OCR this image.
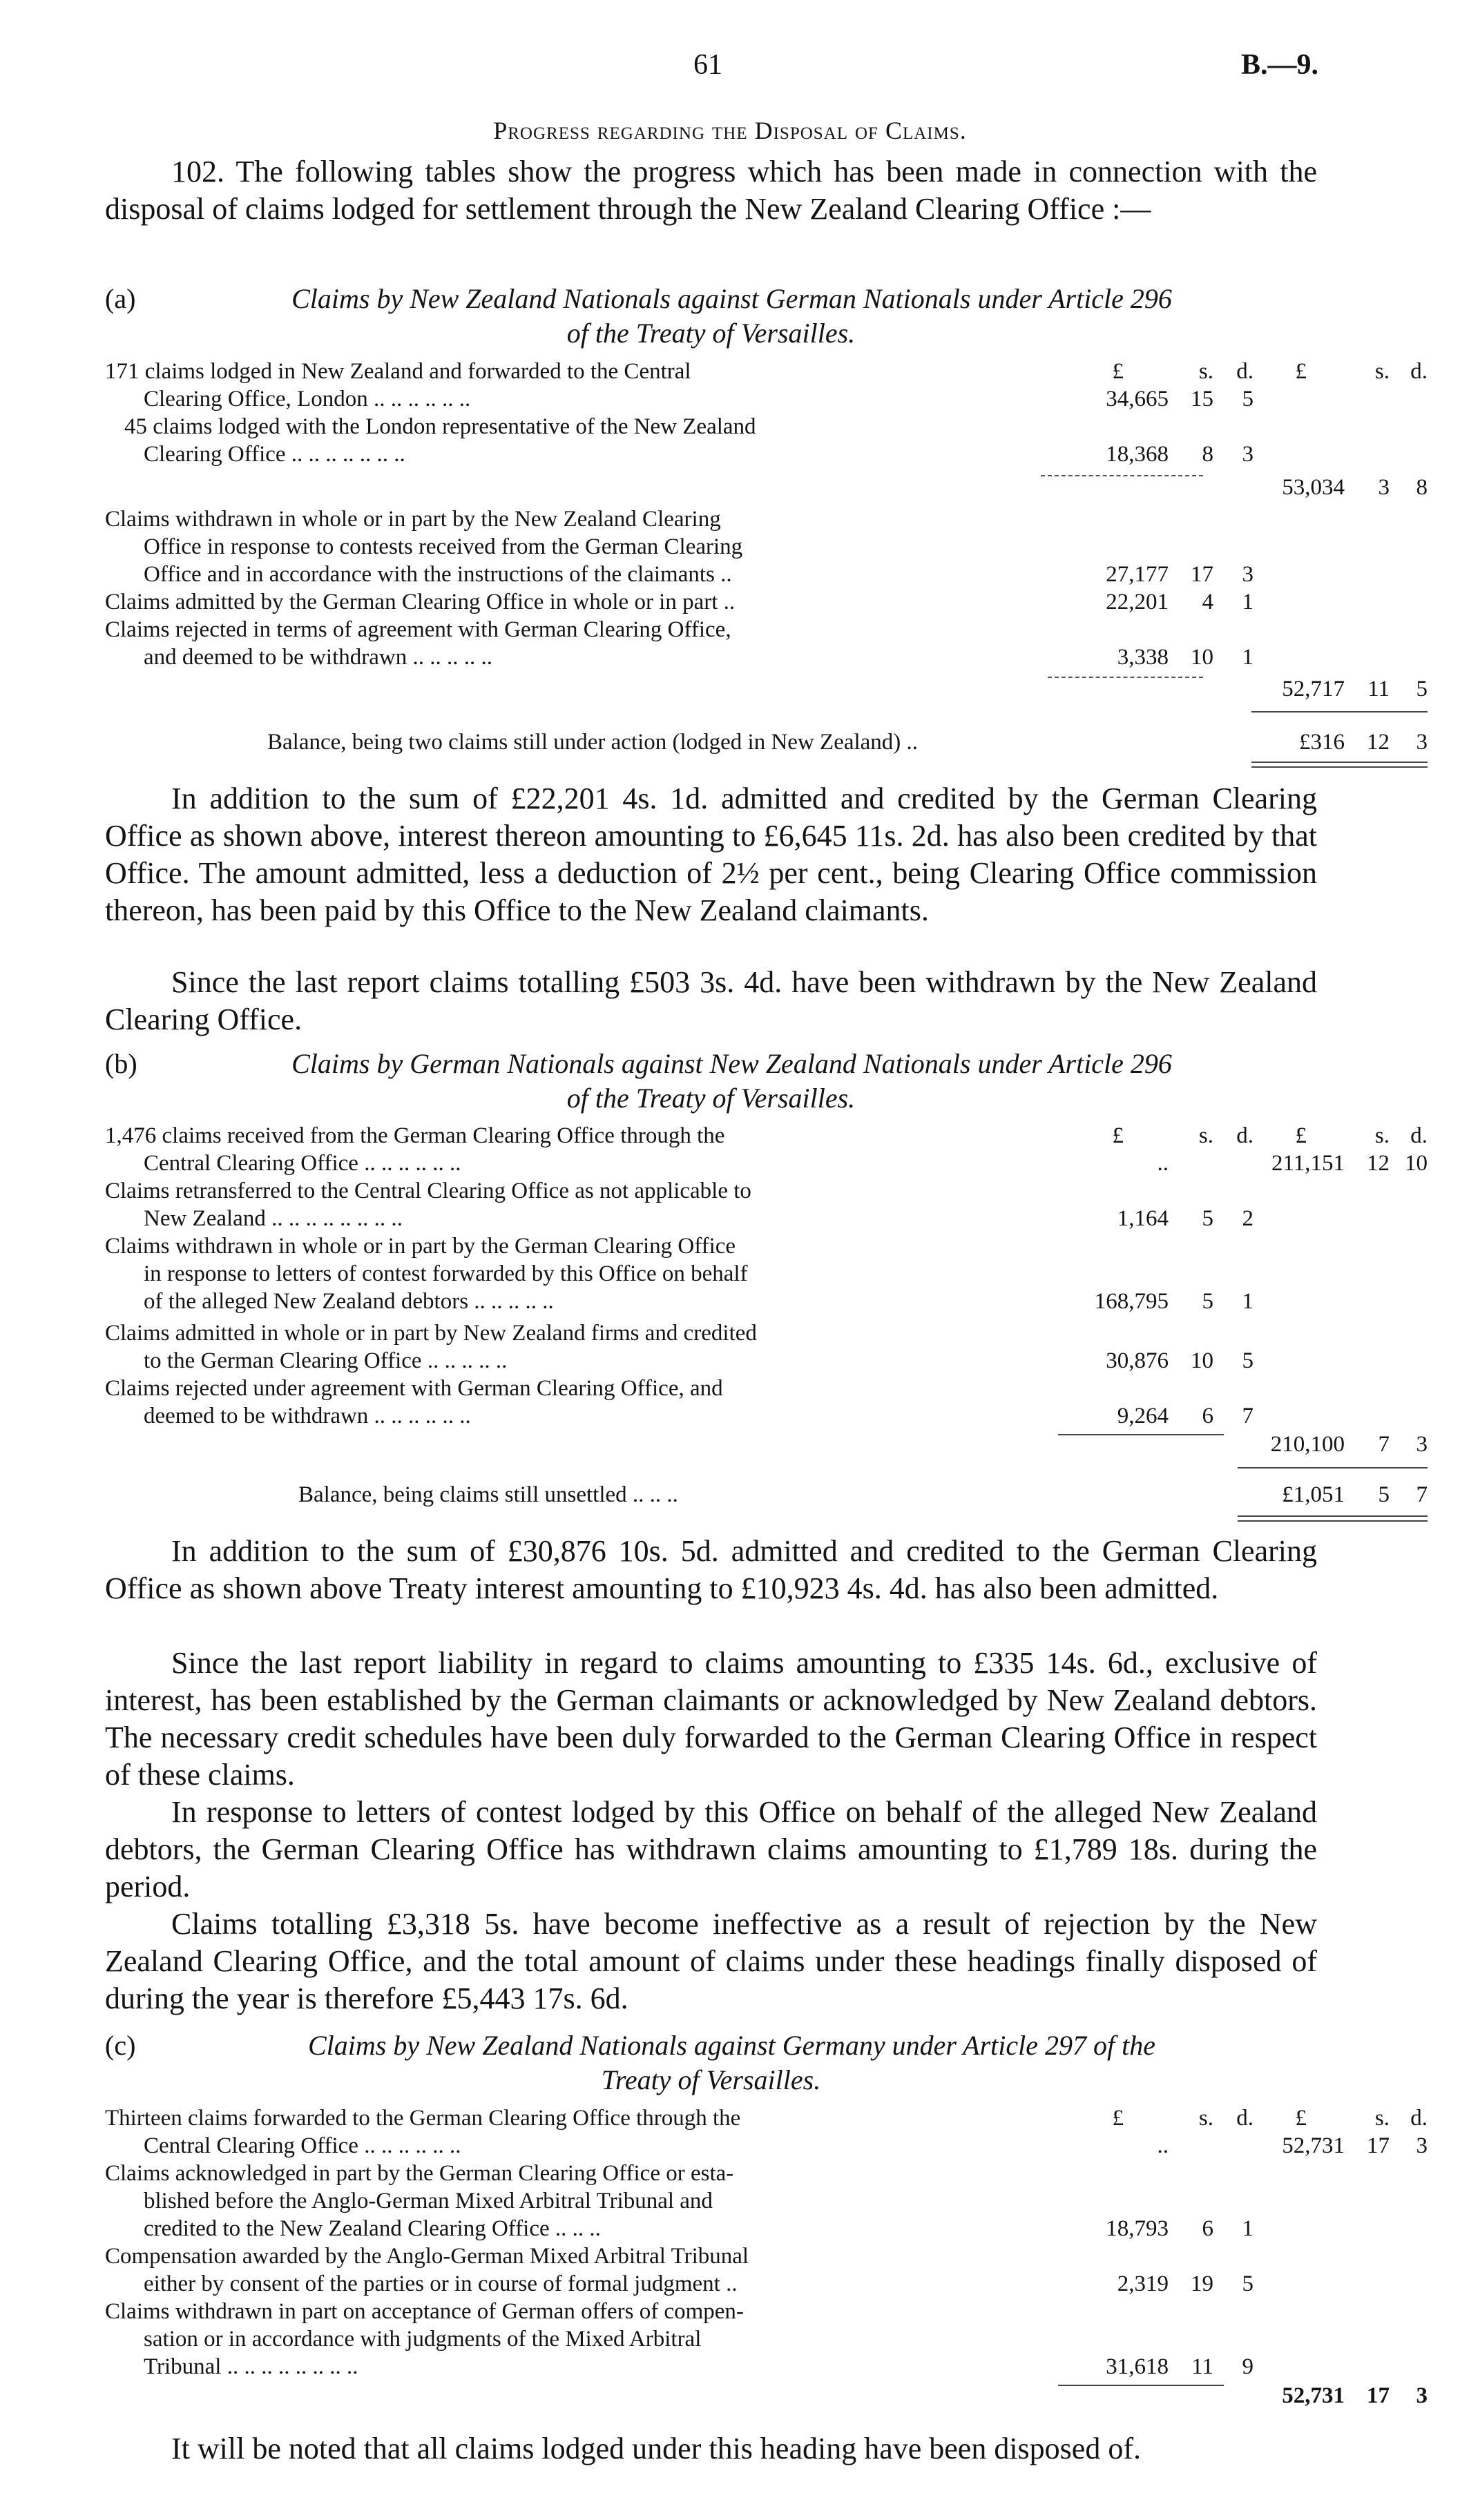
61	B.—9.
Progress regarding the Disposal of Claims.
102. The following tables show the progress which has been made in connection with the disposal of claims lodged for settlement through the New Zealand Clearing Office :—
(a)	Claims by New Zealand Nationals against German Nationals under Article 296
of the Treaty of Versailles.
171 claims lodged in New Zealand and forwarded to the Central	£	s.	d.	£	s. d.
Clearing Office, London .. .. .. .. .. ..	34,665 15	5
45 claims lodged with the London representative of the New Zealand
Clearing Office .. .. .. .. .. .. ..	18,368	8	3
53,034	3	8
Claims withdrawn in whole or in part by the New Zealand Clearing
Office in response to contests received from the German Clearing
Office and in accordance with the instructions of the claimants ..	27,177 17	3
Claims admitted by the German Clearing Office in whole or in part ..	22,201	4	1
Claims rejected in terms of agreement with German Clearing Office,
and deemed to be withdrawn .. .. .. .. ..	3,338 10	1
52,717	11	5
Balance, being two claims still under action (lodged in New Zealand) ..	£316 12	3
In addition to the sum of £22,201 4s. 1d. admitted and credited by the German Clearing Office as shown above, interest thereon amounting to £6,645 11s. 2d. has also been credited by that Office. The amount admitted, less a deduction of 2½ per cent., being Clearing Office commission thereon, has been paid by this Office to the New Zealand claimants.
Since the last report claims totalling £503 3s. 4d. have been withdrawn by the New Zealand Clearing Office.
(b)	Claims by German Nationals against New Zealand Nationals under Article 296
of the Treaty of Versailles.
1,476 claims received from the German Clearing Office through the	£	s.	d.	£	s. d.
Central Clearing Office .. .. .. .. .. ..	..	211,151 12 10
Claims retransferred to the Central Clearing Office as not applicable to
New Zealand .. .. .. .. .. .. .. ..	1,164	5	2
Claims withdrawn in whole or in part by the German Clearing Office
in response to letters of contest forwarded by this Office on behalf
of the alleged New Zealand debtors .. .. .. .. ..	168,795	5	1
Claims admitted in whole or in part by New Zealand firms and credited
to the German Clearing Office .. .. .. .. ..	30,876 10	5
Claims rejected under agreement with German Clearing Office, and
deemed to be withdrawn .. .. .. .. .. ..	9,264	6	7
210,100	7	3
Balance, being claims still unsettled .. .. ..	£1,051	5	7
In addition to the sum of £30,876 10s. 5d. admitted and credited to the German Clearing Office as shown above Treaty interest amounting to £10,923 4s. 4d. has also been admitted.
Since the last report liability in regard to claims amounting to £335 14s. 6d., exclusive of interest, has been established by the German claimants or acknowledged by New Zealand debtors. The necessary credit schedules have been duly forwarded to the German Clearing Office in respect of these claims.
In response to letters of contest lodged by this Office on behalf of the alleged New Zealand debtors, the German Clearing Office has withdrawn claims amounting to £1,789 18s. during the period.
Claims totalling £3,318 5s. have become ineffective as a result of rejection by the New Zealand Clearing Office, and the total amount of claims under these headings finally disposed of during the year is therefore £5,443 17s. 6d.
(c)	Claims by New Zealand Nationals against Germany under Article 297 of the
Treaty of Versailles.
Thirteen claims forwarded to the German Clearing Office through the	£	s.	d.	£	s. d.
Central Clearing Office .. .. .. .. .. ..	..	52,731 17	3
Claims acknowledged in part by the German Clearing Office or esta-
blished before the Anglo-German Mixed Arbitral Tribunal and
credited to the New Zealand Clearing Office .. .. ..	18,793	6	1
Compensation awarded by the Anglo-German Mixed Arbitral Tribunal
either by consent of the parties or in course of formal judgment ..	2,319 19	5
Claims withdrawn in part on acceptance of German offers of compen-
sation or in accordance with judgments of the Mixed Arbitral
Tribunal .. .. .. .. .. .. .. ..	31,618	11	9
52,731 17	3
It will be noted that all claims lodged under this heading have been disposed of.
